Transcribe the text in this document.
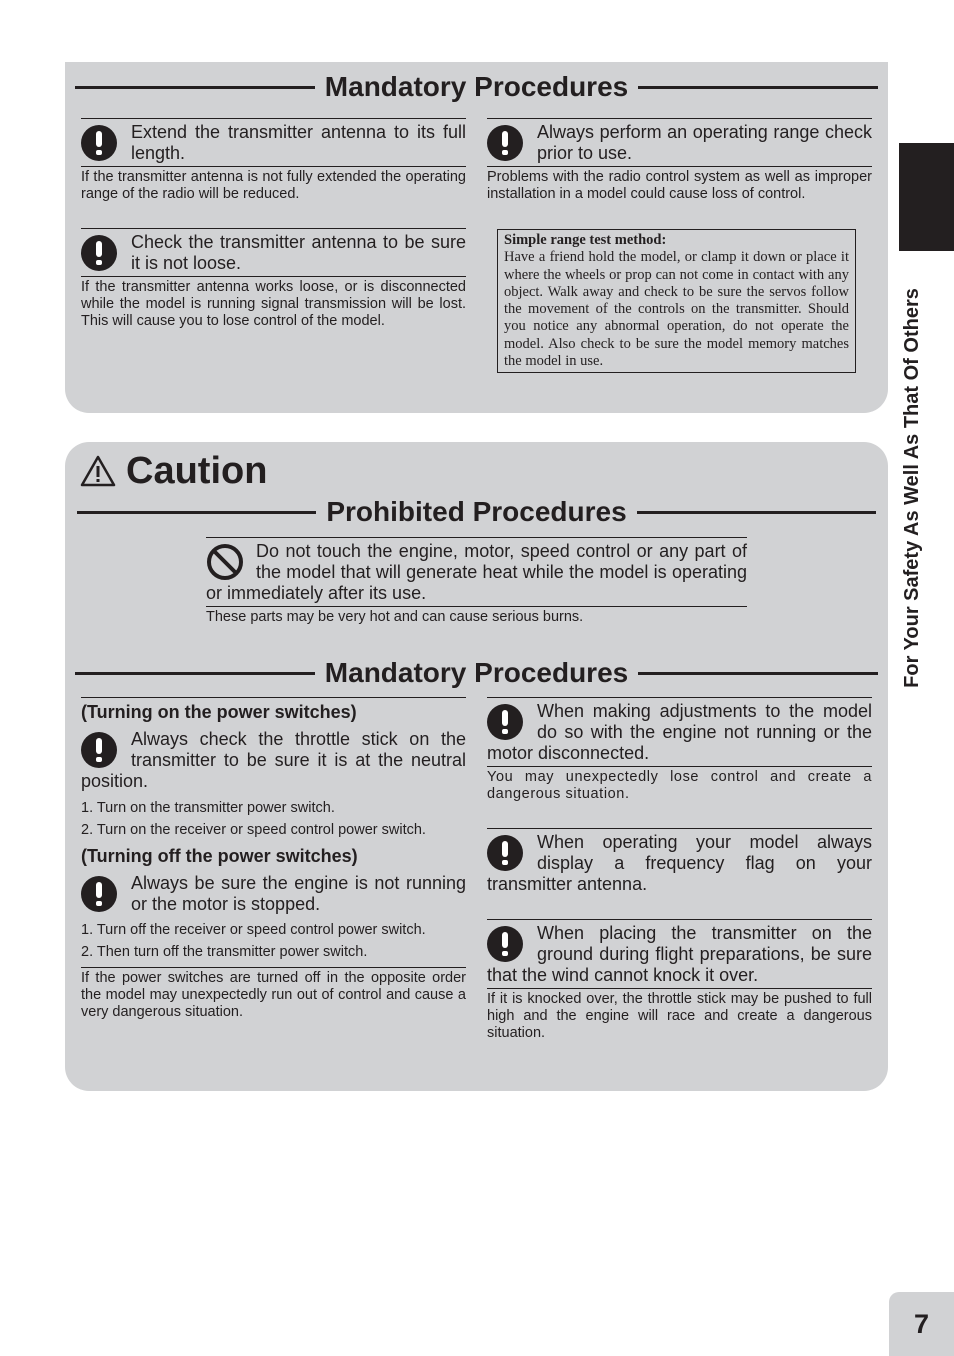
Mandatory Procedures
Extend the transmitter antenna to its full length.
If the transmitter antenna is not fully extended the operating range of the radio will be reduced.
Check the transmitter antenna to be sure it is not loose.
If the transmitter antenna works loose, or is disconnected while the model is running signal transmission will be lost. This will cause you to lose control of the model.
Always perform an operating range check prior to use.
Problems with the radio control system as well as improper installation in a model could cause loss of control.
Simple range test method:
Have a friend hold the model, or clamp it down or place it where the wheels or prop can not come in contact with any object. Walk away and check to be sure the servos follow the movement of the controls on the transmitter. Should you notice any abnormal operation, do not operate the model. Also check to be sure the model memory matches the model in use.
Caution
Prohibited Procedures
Do not touch the engine, motor, speed control or any part of the model that will generate heat while the model is operating or immediately after its use.
These parts may be very hot and can cause serious burns.
Mandatory Procedures
(Turning on the power switches)
Always check the throttle stick on the transmitter to be sure it is at the neutral position.
1. Turn on the transmitter power switch.
2. Turn on the receiver or speed control power switch.
(Turning off the power switches)
Always be sure the engine is not running or the motor is stopped.
1. Turn off the receiver or speed control power switch.
2. Then turn off the transmitter power switch.
If the power switches are turned off in the opposite order the model may unexpectedly run out of control and cause a very dangerous situation.
When making adjustments to the model do so with the engine not running or the motor disconnected.
You may unexpectedly lose control and create a dangerous situation.
When operating your model always display a frequency flag on your transmitter antenna.
When placing the transmitter on the ground during flight preparations, be sure that the wind cannot knock it over.
If it is knocked over, the throttle stick may be pushed to full high and the engine will race and create a dangerous situation.
For Your Safety As Well As That Of Others
7
